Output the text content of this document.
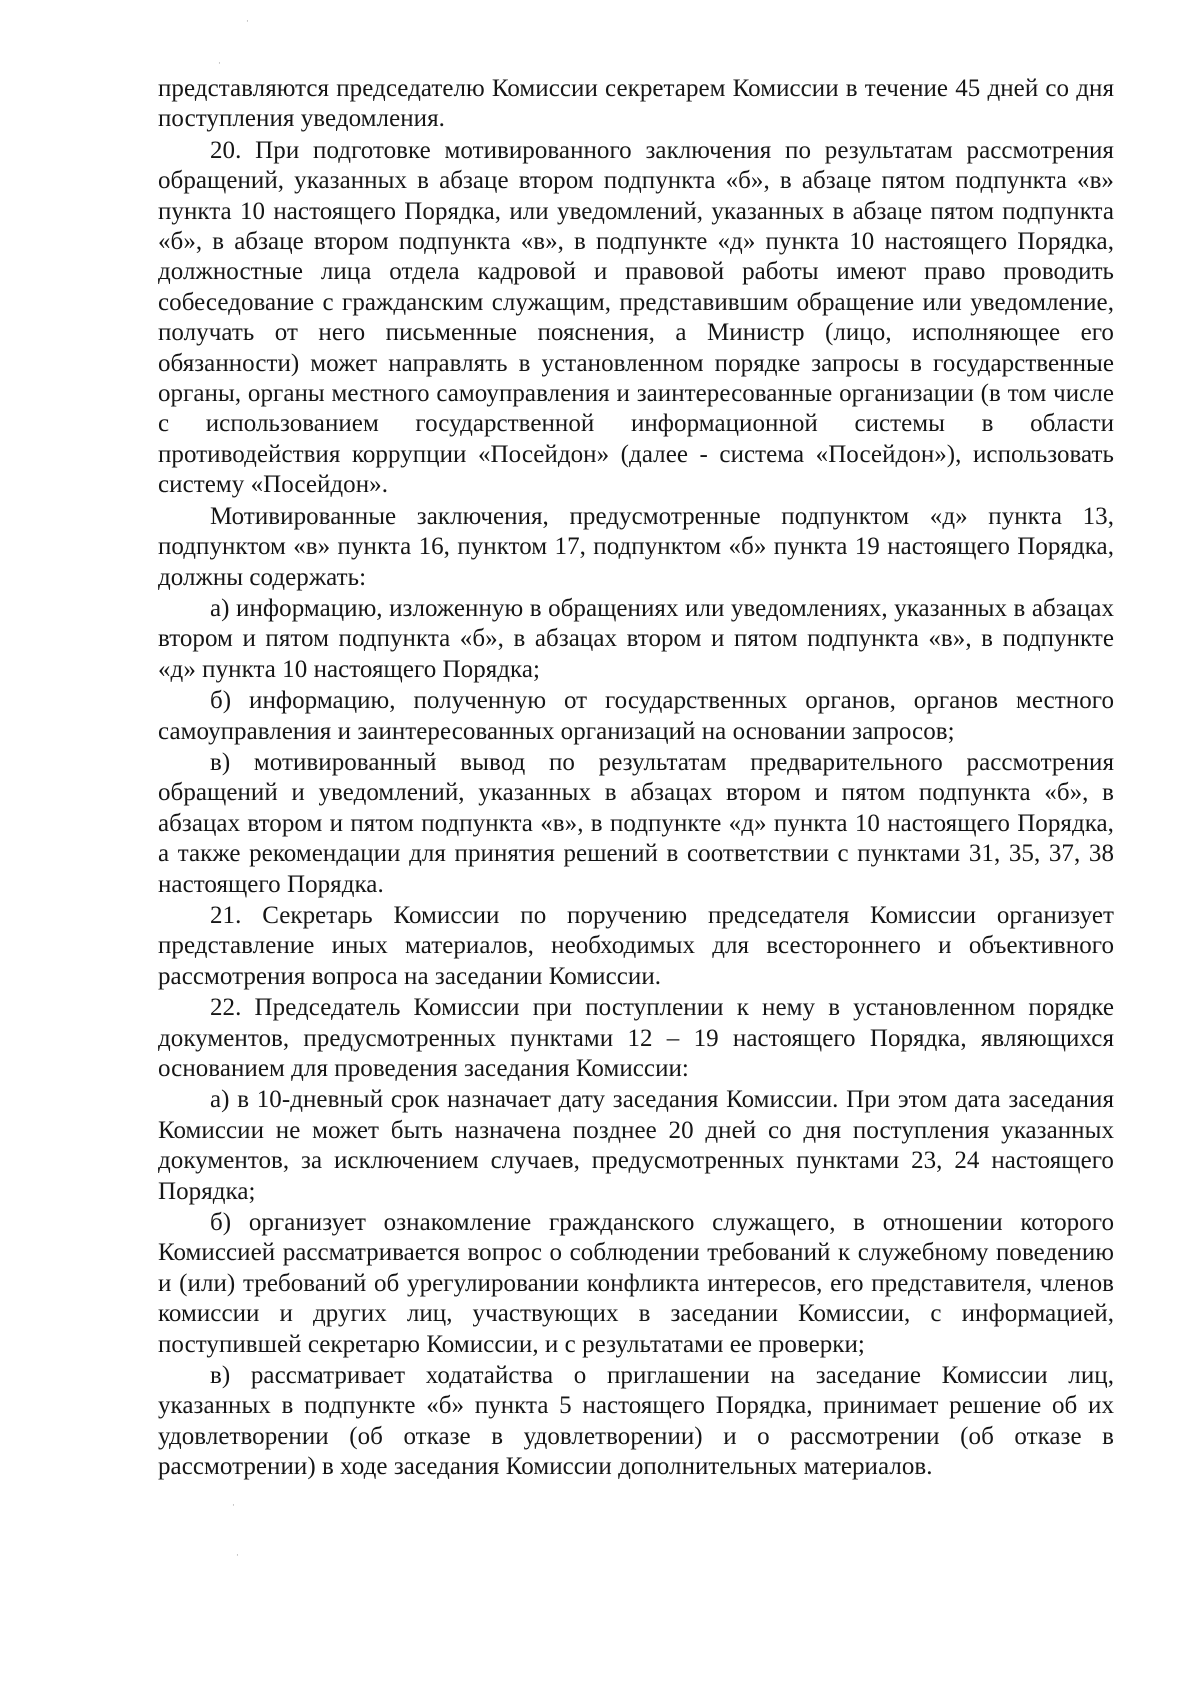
представляются председателю Комиссии секретарем Комиссии в течение 45 дней со дня поступления уведомления.

20. При подготовке мотивированного заключения по результатам рассмотрения обращений, указанных в абзаце втором подпункта «б», в абзаце пятом подпункта «в» пункта 10 настоящего Порядка, или уведомлений, указанных в абзаце пятом подпункта «б», в абзаце втором подпункта «в», в подпункте «д» пункта 10 настоящего Порядка, должностные лица отдела кадровой и правовой работы имеют право проводить собеседование с гражданским служащим, представившим обращение или уведомление, получать от него письменные пояснения, а Министр (лицо, исполняющее его обязанности) может направлять в установленном порядке запросы в государственные органы, органы местного самоуправления и заинтересованные организации (в том числе с использованием государственной информационной системы в области противодействия коррупции «Посейдон» (далее - система «Посейдон»), использовать систему «Посейдон».

Мотивированные заключения, предусмотренные подпунктом «д» пункта 13, подпунктом «в» пункта 16, пунктом 17, подпунктом «б» пункта 19 настоящего Порядка, должны содержать:

а) информацию, изложенную в обращениях или уведомлениях, указанных в абзацах втором и пятом подпункта «б», в абзацах втором и пятом подпункта «в», в подпункте «д» пункта 10 настоящего Порядка;

б) информацию, полученную от государственных органов, органов местного самоуправления и заинтересованных организаций на основании запросов;

в) мотивированный вывод по результатам предварительного рассмотрения обращений и уведомлений, указанных в абзацах втором и пятом подпункта «б», в абзацах втором и пятом подпункта «в», в подпункте «д» пункта 10 настоящего Порядка, а также рекомендации для принятия решений в соответствии с пунктами 31, 35, 37, 38 настоящего Порядка.

21. Секретарь Комиссии по поручению председателя Комиссии организует представление иных материалов, необходимых для всестороннего и объективного рассмотрения вопроса на заседании Комиссии.

22. Председатель Комиссии при поступлении к нему в установленном порядке документов, предусмотренных пунктами 12 – 19 настоящего Порядка, являющихся основанием для проведения заседания Комиссии:

а) в 10-дневный срок назначает дату заседания Комиссии. При этом дата заседания Комиссии не может быть назначена позднее 20 дней со дня поступления указанных документов, за исключением случаев, предусмотренных пунктами 23, 24 настоящего Порядка;

б) организует ознакомление гражданского служащего, в отношении которого Комиссией рассматривается вопрос о соблюдении требований к служебному поведению и (или) требований об урегулировании конфликта интересов, его представителя, членов комиссии и других лиц, участвующих в заседании Комиссии, с информацией, поступившей секретарю Комиссии, и с результатами ее проверки;

в) рассматривает ходатайства о приглашении на заседание Комиссии лиц, указанных в подпункте «б» пункта 5 настоящего Порядка, принимает решение об их удовлетворении (об отказе в удовлетворении) и о рассмотрении (об отказе в рассмотрении) в ходе заседания Комиссии дополнительных материалов.

·
·
·
·
